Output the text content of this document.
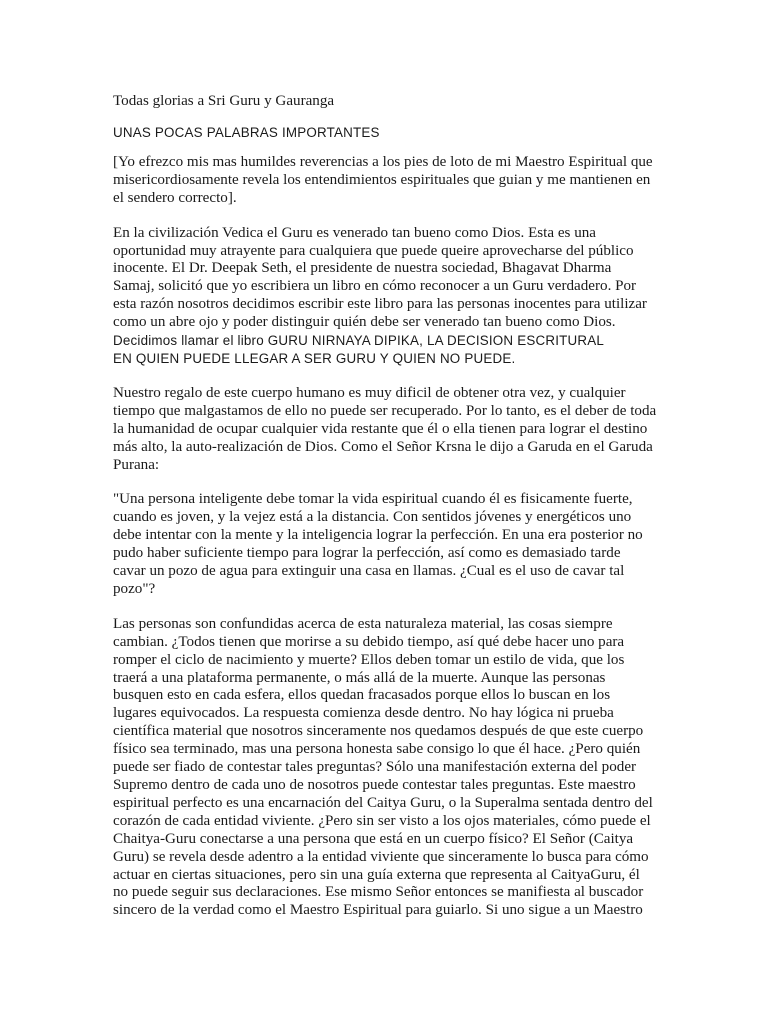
Todas glorias a Sri Guru y Gauranga
UNAS POCAS PALABRAS IMPORTANTES
[Yo efrezco mis mas humildes reverencias a los pies de loto de mi Maestro Espiritual que
misericordiosamente revela los entendimientos espirituales que guian y me mantienen en
el sendero correcto].
En la civilización Vedica el Guru es venerado tan bueno como Dios. Esta es una
oportunidad muy atrayente para cualquiera que puede queire aprovecharse del público
inocente. El Dr. Deepak Seth, el presidente de nuestra sociedad, Bhagavat Dharma
Samaj, solicitó que yo escribiera un libro en cómo reconocer a un Guru verdadero. Por
esta razón nosotros decidimos escribir este libro para las personas inocentes para utilizar
como un abre ojo y poder distinguir quién debe ser venerado tan bueno como Dios.
Decidimos llamar el libro GURU NIRNAYA DIPIKA, LA DECISION ESCRITURAL
EN QUIEN PUEDE LLEGAR A SER GURU Y QUIEN NO PUEDE.
Nuestro regalo de este cuerpo humano es muy dificil de obtener otra vez, y cualquier
tiempo que malgastamos de ello no puede ser recuperado. Por lo tanto, es el deber de toda
la humanidad de ocupar cualquier vida restante que él o ella tienen para lograr el destino
más alto, la auto-realización de Dios. Como el Señor Krsna le dijo a Garuda en el Garuda
Purana:
"Una persona inteligente debe tomar la vida espiritual cuando él es fisicamente fuerte,
cuando es joven, y la vejez está a la distancia. Con sentidos jóvenes y energéticos uno
debe intentar con la mente y la inteligencia lograr la perfección. En una era posterior no
pudo haber suficiente tiempo para lograr la perfección, así como es demasiado tarde
cavar un pozo de agua para extinguir una casa en llamas. ¿Cual es el uso de cavar tal
pozo"?
Las personas son confundidas acerca de esta naturaleza material, las cosas siempre
cambian. ¿Todos tienen que morirse a su debido tiempo, así qué debe hacer uno para
romper el ciclo de nacimiento y muerte? Ellos deben tomar un estilo de vida, que los
traerá a una plataforma permanente, o más allá de la muerte. Aunque las personas
busquen esto en cada esfera, ellos quedan fracasados porque ellos lo buscan en los
lugares equivocados. La respuesta comienza desde dentro. No hay lógica ni prueba
científica material que nosotros sinceramente nos quedamos después de que este cuerpo
físico sea terminado, mas una persona honesta sabe consigo lo que él hace. ¿Pero quién
puede ser fiado de contestar tales preguntas? Sólo una manifestación externa del poder
Supremo dentro de cada uno de nosotros puede contestar tales preguntas. Este maestro
espiritual perfecto es una encarnación del Caitya Guru, o la Superalma sentada dentro del
corazón de cada entidad viviente. ¿Pero sin ser visto a los ojos materiales, cómo puede el
Chaitya-Guru conectarse a una persona que está en un cuerpo físico? El Señor (Caitya
Guru) se revela desde adentro a la entidad viviente que sinceramente lo busca para cómo
actuar en ciertas situaciones, pero sin una guía externa que representa al CaityaGuru, él
no puede seguir sus declaraciones. Ese mismo Señor entonces se manifiesta al buscador
sincero de la verdad como el Maestro Espiritual para guiarlo. Si uno sigue a un Maestro
